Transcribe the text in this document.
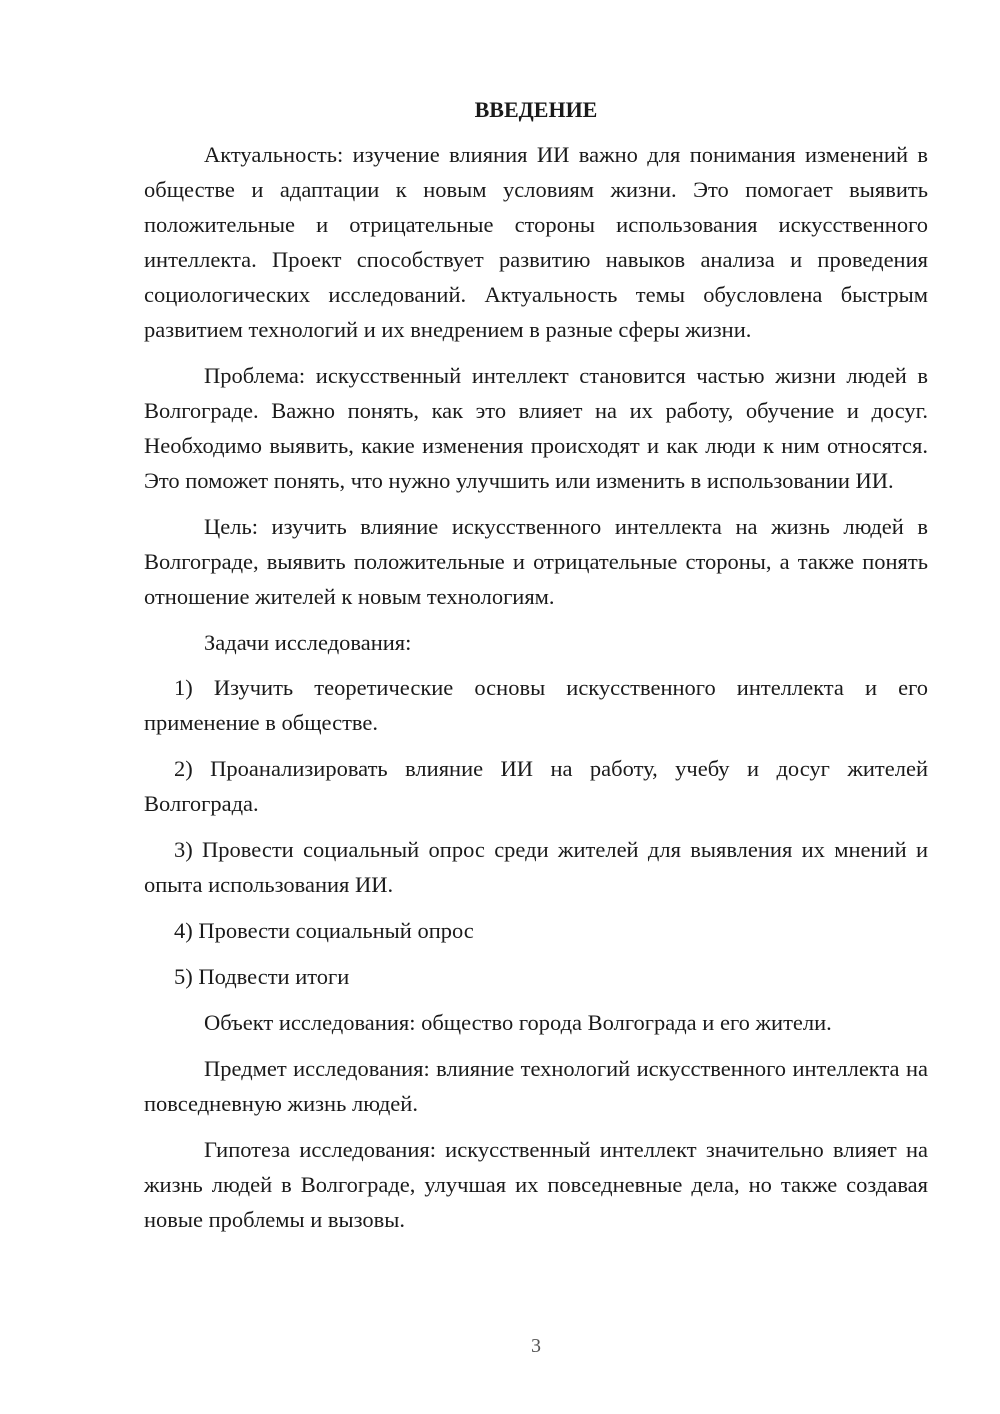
ВВЕДЕНИЕ

Актуальность: изучение влияния ИИ важно для понимания изменений в обществе и адаптации к новым условиям жизни. Это помогает выявить положительные и отрицательные стороны использования искусственного интеллекта. Проект способствует развитию навыков анализа и проведения социологических исследований. Актуальность темы обусловлена быстрым развитием технологий и их внедрением в разные сферы жизни.

Проблема: искусственный интеллект становится частью жизни людей в Волгограде. Важно понять, как это влияет на их работу, обучение и досуг. Необходимо выявить, какие изменения происходят и как люди к ним относятся. Это поможет понять, что нужно улучшить или изменить в использовании ИИ.

Цель: изучить влияние искусственного интеллекта на жизнь людей в Волгограде, выявить положительные и отрицательные стороны, а также понять отношение жителей к новым технологиям.

Задачи исследования:

1) Изучить теоретические основы искусственного интеллекта и его применение в обществе.

2) Проанализировать влияние ИИ на работу, учебу и досуг жителей Волгограда.

3) Провести социальный опрос среди жителей для выявления их мнений и опыта использования ИИ.

4) Провести социальный опрос

5) Подвести итоги

Объект исследования: общество города Волгограда и его жители.

Предмет исследования: влияние технологий искусственного интеллекта на повседневную жизнь людей.

Гипотеза исследования: искусственный интеллект значительно влияет на жизнь людей в Волгограде, улучшая их повседневные дела, но также создавая новые проблемы и вызовы.

3
